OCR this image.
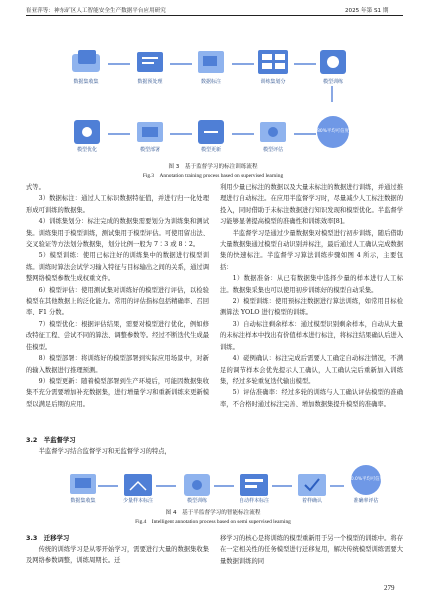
崔亚萍等：神东矿区人工智能安全生产数据平台应用研究	2025 年第 S1 期
数据集收集	数据预处理	数据标注	训练集划分	模型训练
80%平均可信度
模型评估
模型更新
模型部署
模型优化
图 3　基于监督学习的标注训练流程
Fig.3　Annotation training process based on supervised learning

式等。

3）数据标注：通过人工标识数据特征值，并进行归一化处理形成可训练的数据集。

4）训练集划分：标注完成的数据集需要划分为训练集和测试集。训练集用于模型训练，测试集用于模型评估。可使用留出法、交叉验证等方法划分数据集，划分比例一般为 7∶3 或 8∶2。

5）模型训练：使用已标注好的训练集中的数据进行模型训练。训练时算法会试学习输入特征与目标输出之间的关系，通过调整网络模型参数生成权重文件。

6）模型评估：使用测试集对训练好的模型进行评估，以检验模型在其他数据上的泛化能力。常用的评估指标包括精确率、召回率、F1 分数。

7）模型优化：根据评估结果，需要对模型进行优化，例如修改特征工程、尝试不同的算法、调整参数等。经过不断迭代生成最佳模型。

8）模型部署：将训练好的模型部署到实际应用场景中，对新的输入数据进行推理预测。

9）模型更新：随着模型部署到生产环境后，可能因数据集收集不充分需要增加补充数据集，进行增量学习和重新训练来更新模型以满足后期的应用。

3.2　半监督学习

半监督学习结合监督学习和无监督学习的特点，

利用少量已标注的数据以及大量未标注的数据进行训练，并通过推理进行自动标注。在应用半监督学习时，尽量减少人工标注数据的投入，同时借助于未标注数据进行知识发现和模型优化。半监督学习能够显著提高模型的准确性和训练效率[8]。

半监督学习是通过少量数据集对模型进行初步训练，随后借助大量数据集通过模型自动识别并标注，最后通过人工确认完成数据集的快速标注。半监督学习算法训练步骤如图 4 所示，主要包括：

1）数据准备：从已有数据集中选择少量的样本进行人工标注。数据集采集也可以使用初步训练好的模型自动采集。

2）模型训练：使用预标注数据进行算法训练，如常用目标检测算法 YOLO 进行模型的训练。

3）自动标注剩余样本：通过模型识别剩余样本，自动从大量的未标注样本中找出有价值样本进行标注，将标注结果确认后进入训练。

4）磋例确认：标注完成后需要人工确定自动标注情况，不满足的调节样本会优先提示人工确认，人工确认完后重新加入训练集，经过多轮重复迭代输出模型。

5）评估准确率：经过多轮的训练与人工确认评估模型的准确率，不合格时通过标注完善、增加数据集提升模型的准确率。

数据集收集	少量样本标注	模型训练	自动样本标注	着样确认	准确率评估
80.0%平均可信度
图 4　基于半监督学习的智能标注流程
Fig.4　Intelligent annotation process based on semi supervised learning
3.3　迁移学习

传统的训练学习是从零开始学习，需要进行大量的数据集收集及网络参数调整，训练周期长。迁

移学习的核心是将训练的模型重新用于另一个模型的训练中。将存在一定相关性的任务模型进行迁移复用，解决传统模型训练需要大量数据训练的同

279
